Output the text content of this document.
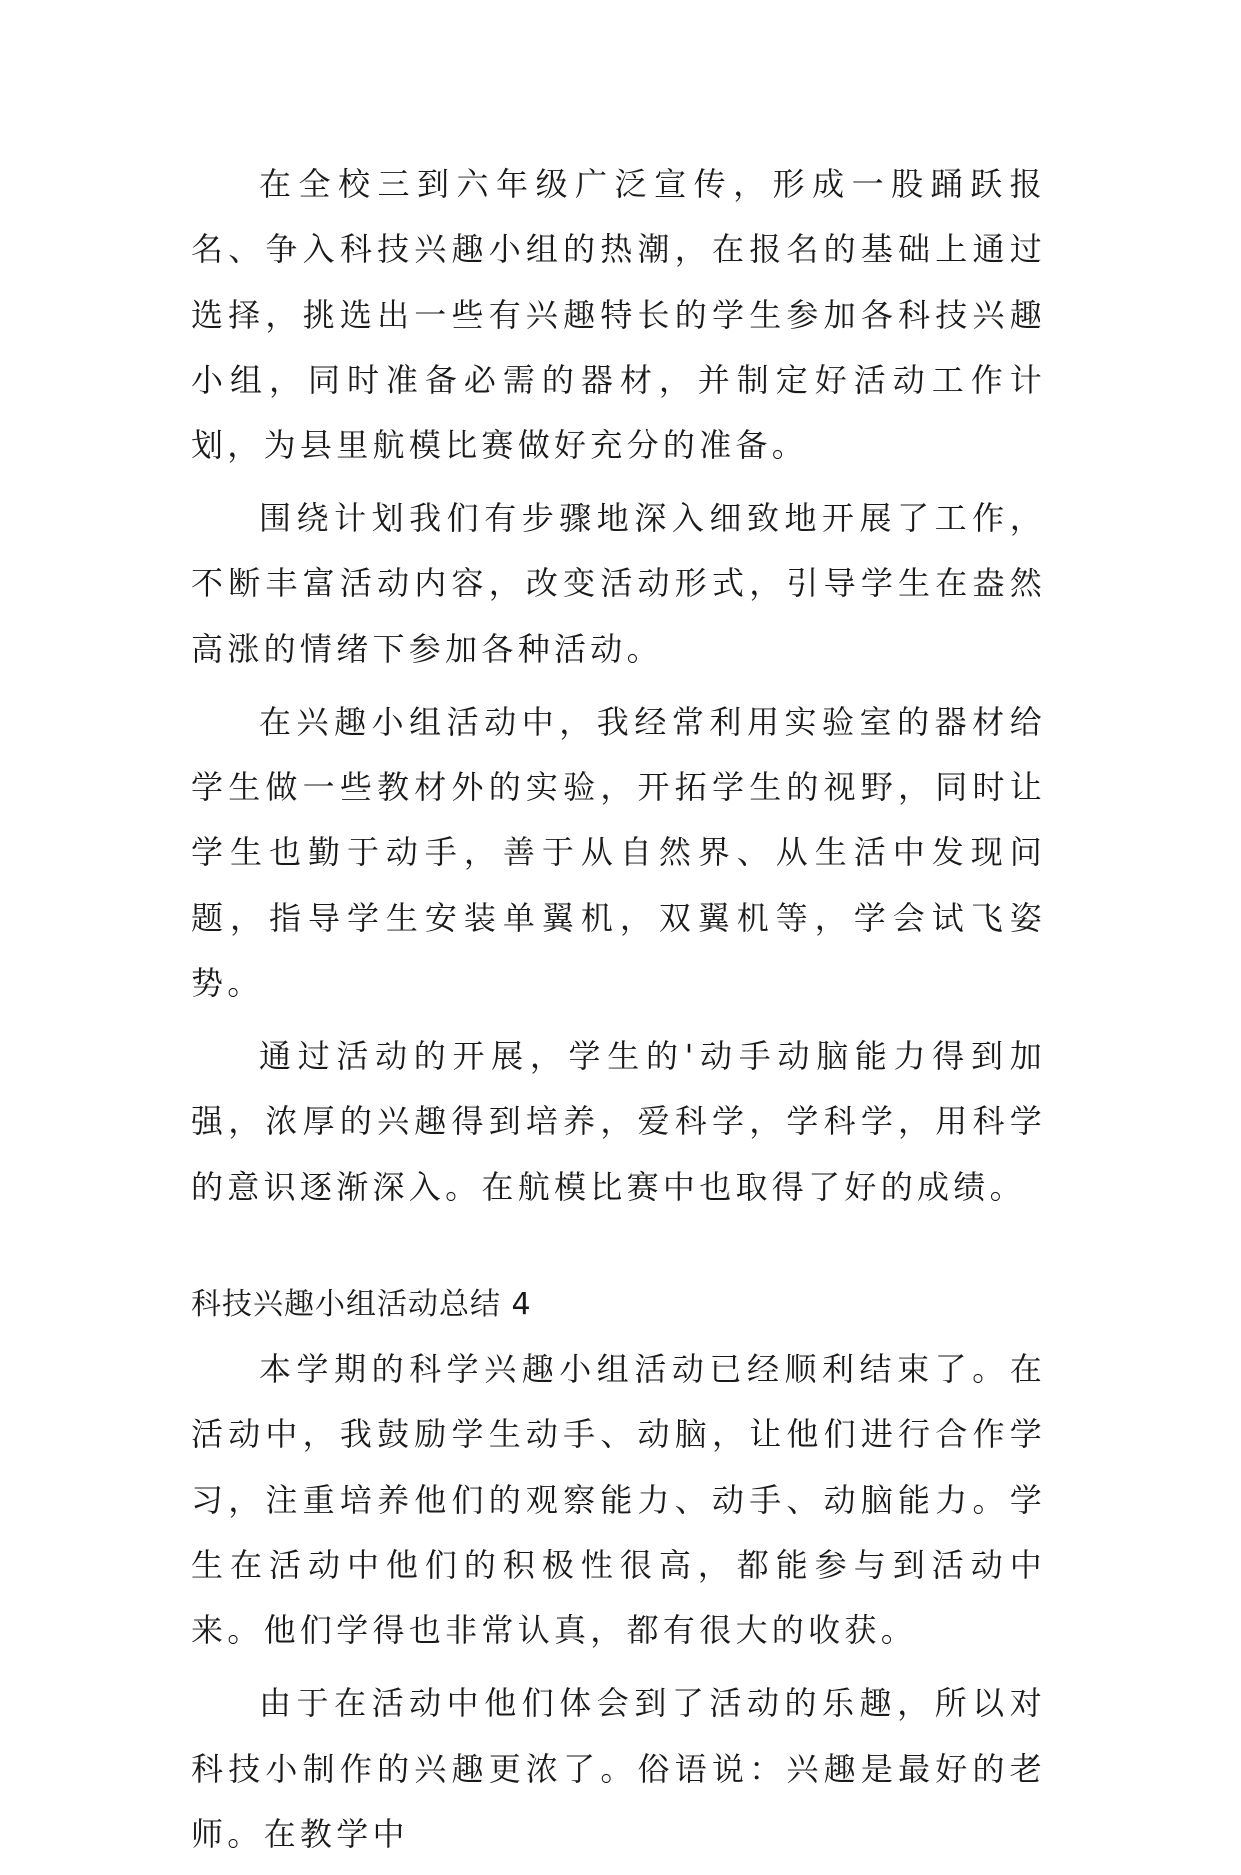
在全校三到六年级广泛宣传，形成一股踊跃报名、争入科技兴趣小组的热潮，在报名的基础上通过选择，挑选出一些有兴趣特长的学生参加各科技兴趣小组，同时准备必需的器材，并制定好活动工作计划，为县里航模比赛做好充分的准备。

围绕计划我们有步骤地深入细致地开展了工作，不断丰富活动内容，改变活动形式，引导学生在盎然高涨的情绪下参加各种活动。

在兴趣小组活动中，我经常利用实验室的器材给学生做一些教材外的实验，开拓学生的视野，同时让学生也勤于动手，善于从自然界、从生活中发现问题，指导学生安装单翼机，双翼机等，学会试飞姿势。

通过活动的开展，学生的'动手动脑能力得到加强，浓厚的兴趣得到培养，爱科学，学科学，用科学的意识逐渐深入。在航模比赛中也取得了好的成绩。

科技兴趣小组活动总结 4

本学期的科学兴趣小组活动已经顺利结束了。在活动中，我鼓励学生动手、动脑，让他们进行合作学习，注重培养他们的观察能力、动手、动脑能力。学生在活动中他们的积极性很高，都能参与到活动中来。他们学得也非常认真，都有很大的收获。

由于在活动中他们体会到了活动的乐趣，所以对科技小制作的兴趣更浓了。俗语说：兴趣是最好的老师。在教学中
